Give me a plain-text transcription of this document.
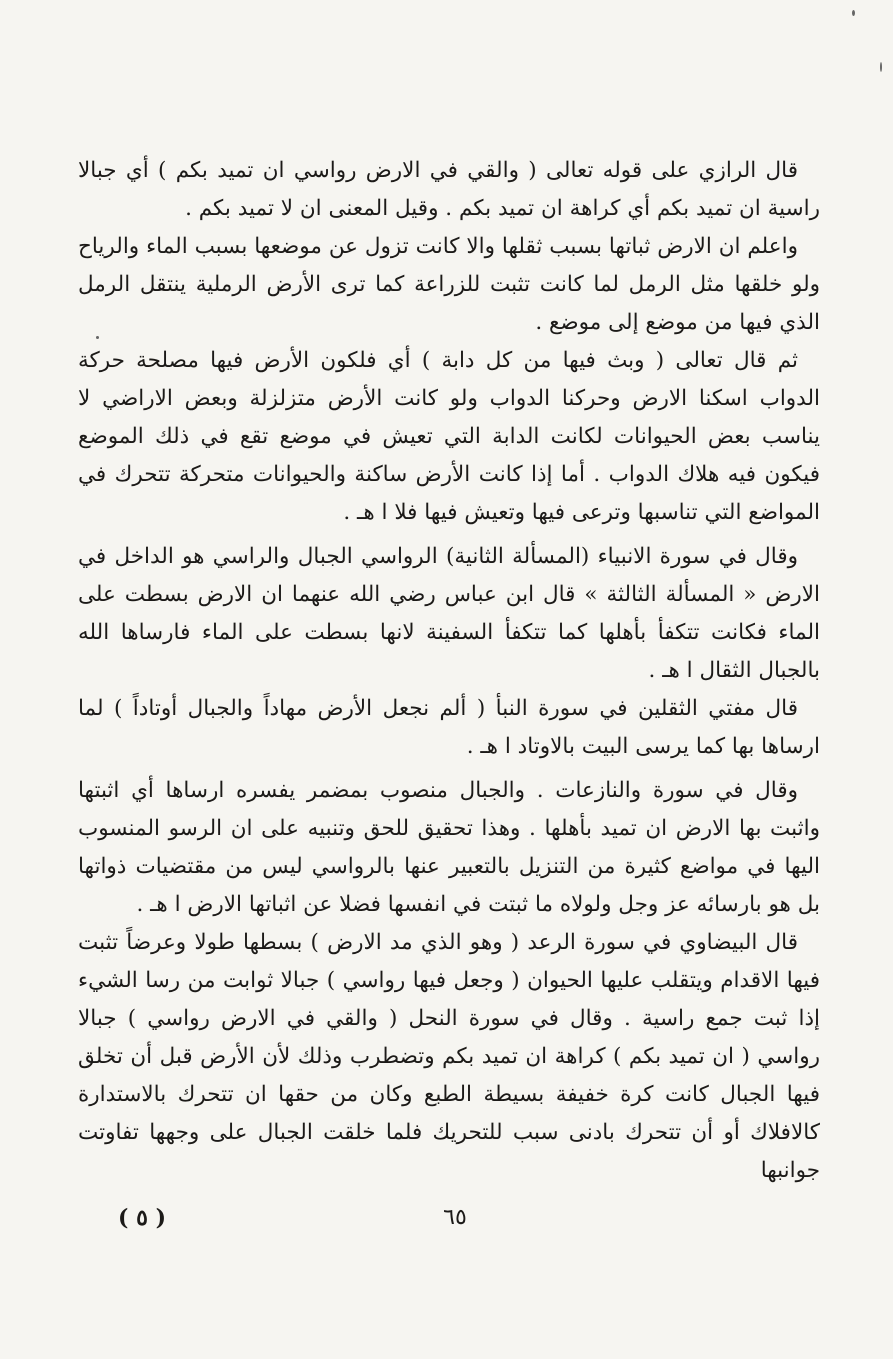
قال الرازي على قوله تعالى ( والقي في الارض رواسي ان تميد بكم ) أي جبالا راسية ان تميد بكم أي كراهة ان تميد بكم . وقيل المعنى ان لا تميد بكم .

واعلم ان الارض ثباتها بسبب ثقلها والا كانت تزول عن موضعها بسبب الماء والرياح ولو خلقها مثل الرمل لما كانت تثبت للزراعة كما ترى الأرض الرملية ينتقل الرمل الذي فيها من موضع إلى موضع .

ثم قال تعالى ( وبث فيها من كل دابة ) أي فلكون الأرض فيها مصلحة حركة الدواب اسكنا الارض وحركنا الدواب ولو كانت الأرض متزلزلة وبعض الاراضي لا يناسب بعض الحيوانات لكانت الدابة التي تعيش في موضع تقع في ذلك الموضع فيكون فيه هلاك الدواب . أما إذا كانت الأرض ساكنة والحيوانات متحركة تتحرك في المواضع التي تناسبها وترعى فيها وتعيش فيها فلا ا هـ .

وقال في سورة الانبياء (المسألة الثانية) الرواسي الجبال والراسي هو الداخل في الارض « المسألة الثالثة » قال ابن عباس رضي الله عنهما ان الارض بسطت على الماء فكانت تتكفأ بأهلها كما تتكفأ السفينة لانها بسطت على الماء فارساها الله بالجبال الثقال ا هـ .

قال مفتي الثقلين في سورة النبأ ( ألم نجعل الأرض مهاداً والجبال أوتاداً ) لما ارساها بها كما يرسى البيت بالاوتاد ا هـ .

وقال في سورة والنازعات . والجبال منصوب بمضمر يفسره ارساها أي اثبتها واثبت بها الارض ان تميد بأهلها . وهذا تحقيق للحق وتنبيه على ان الرسو المنسوب اليها في مواضع كثيرة من التنزيل بالتعبير عنها بالرواسي ليس من مقتضيات ذواتها بل هو بارسائه عز وجل ولولاه ما ثبتت في انفسها فضلا عن اثباتها الارض ا هـ .

قال البيضاوي في سورة الرعد ( وهو الذي مد الارض ) بسطها طولا وعرضاً تثبت فيها الاقدام ويتقلب عليها الحيوان ( وجعل فيها رواسي ) جبالا ثوابت من رسا الشيء إذا ثبت جمع راسية . وقال في سورة النحل ( والقي في الارض رواسي ) جبالا رواسي ( ان تميد بكم ) كراهة ان تميد بكم وتضطرب وذلك لأن الأرض قبل أن تخلق فيها الجبال كانت كرة خفيفة بسيطة الطبع وكان من حقها ان تتحرك بالاستدارة كالافلاك أو أن تتحرك بادنى سبب للتحريك فلما خلقت الجبال على وجهها تفاوتت جوانبها

( ٥ )	٦٥
